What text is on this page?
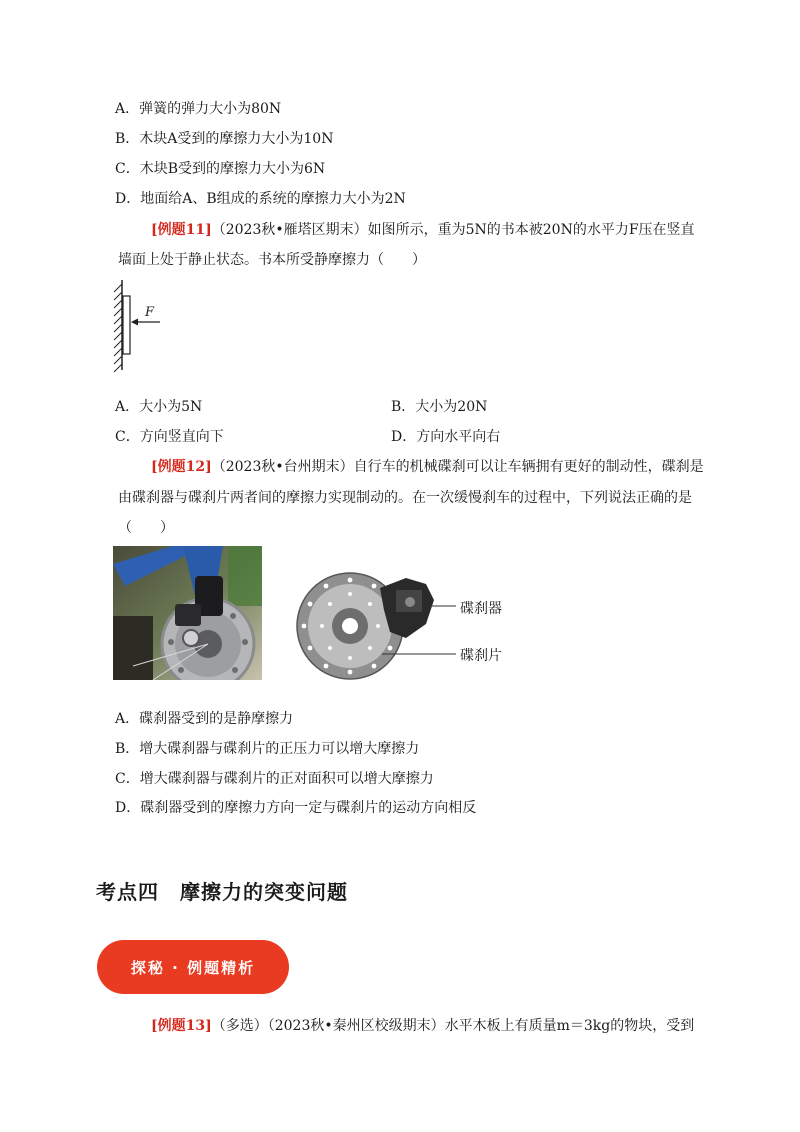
A．弹簧的弹力大小为80N
B．木块A受到的摩擦力大小为10N
C．木块B受到的摩擦力大小为6N
D．地面给A、B组成的系统的摩擦力大小为2N
[例题11]（2023秋•雁塔区期末）如图所示，重为5N的书本被20N的水平力F压在竖直
墙面上处于静止状态。书本所受静摩擦力（　　）
F
A．大小为5N	B．大小为20N
C．方向竖直向下	D．方向水平向右
[例题12]（2023秋•台州期末）自行车的机械碟刹可以让车辆拥有更好的制动性，碟刹是
由碟刹器与碟刹片两者间的摩擦力实现制动的。在一次缓慢刹车的过程中，下列说法正确的是
（　　）
碟刹器
碟刹片
A．碟刹器受到的是静摩擦力
B．增大碟刹器与碟刹片的正压力可以增大摩擦力
C．增大碟刹器与碟刹片的正对面积可以增大摩擦力
D．碟刹器受到的摩擦力方向一定与碟刹片的运动方向相反
考点四　摩擦力的突变问题
探秘 · 例题精析
[例题13]（多选）（2023秋•秦州区校级期末）水平木板上有质量m＝3kg的物块，受到
